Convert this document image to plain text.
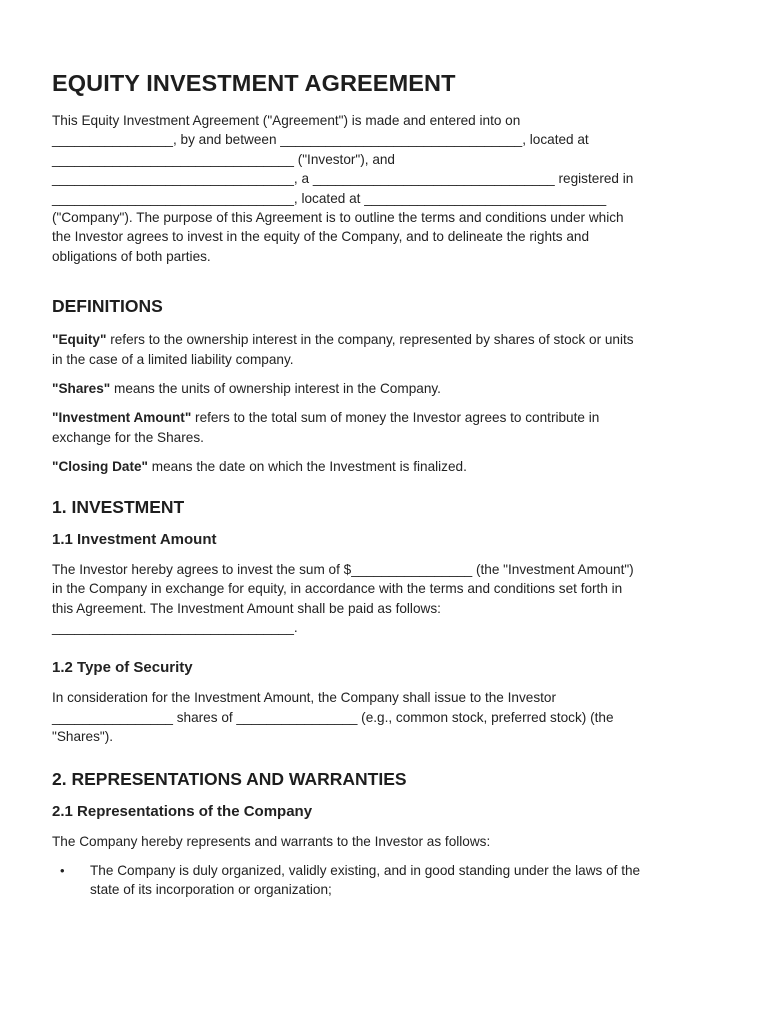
EQUITY INVESTMENT AGREEMENT

This Equity Investment Agreement ("Agreement") is made and entered into on
________________, by and between ________________________________, located at
________________________________ ("Investor"), and
________________________________, a ________________________________ registered in
________________________________, located at ________________________________
("Company"). The purpose of this Agreement is to outline the terms and conditions under which
the Investor agrees to invest in the equity of the Company, and to delineate the rights and
obligations of both parties.

DEFINITIONS

"Equity" refers to the ownership interest in the company, represented by shares of stock or units
in the case of a limited liability company.

"Shares" means the units of ownership interest in the Company.

"Investment Amount" refers to the total sum of money the Investor agrees to contribute in
exchange for the Shares.

"Closing Date" means the date on which the Investment is finalized.

1. INVESTMENT
1.1 Investment Amount

The Investor hereby agrees to invest the sum of $________________ (the "Investment Amount")
in the Company in exchange for equity, in accordance with the terms and conditions set forth in
this Agreement. The Investment Amount shall be paid as follows:
________________________________.

1.2 Type of Security

In consideration for the Investment Amount, the Company shall issue to the Investor
________________ shares of ________________ (e.g., common stock, preferred stock) (the
"Shares").

2. REPRESENTATIONS AND WARRANTIES
2.1 Representations of the Company

The Company hereby represents and warrants to the Investor as follows:

• The Company is duly organized, validly existing, and in good standing under the laws of the
state of its incorporation or organization;
